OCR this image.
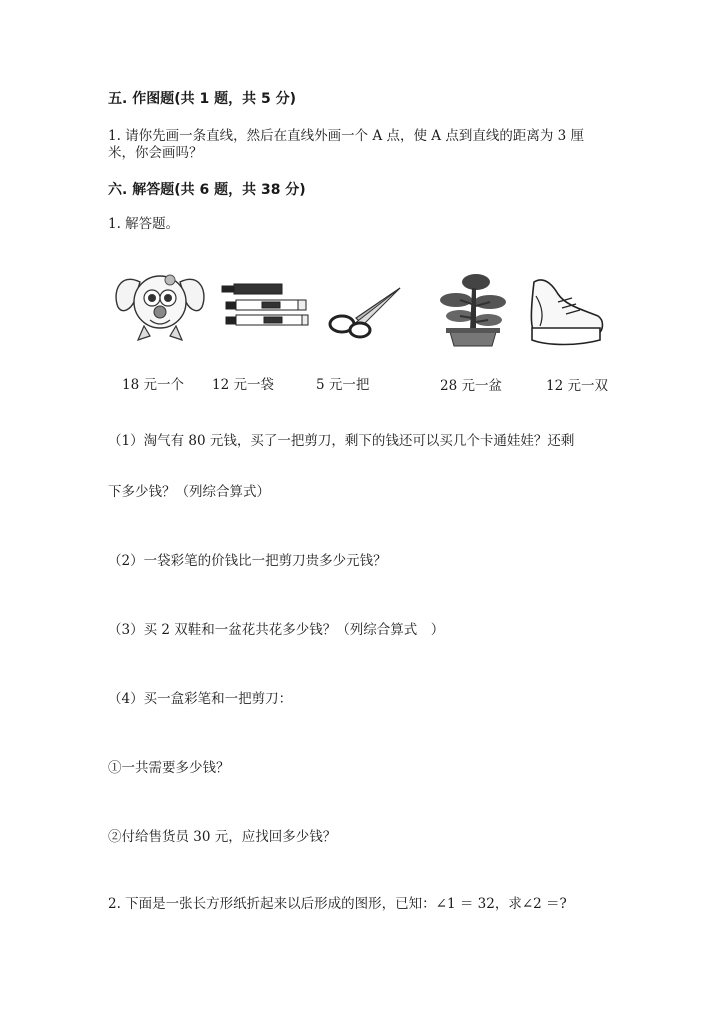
五. 作图题(共 1 题，共 5 分)
1. 请你先画一条直线，然后在直线外画一个 A 点，使 A 点到直线的距离为 3 厘
米，你会画吗？
六. 解答题(共 6 题，共 38 分)
1. 解答题。
18 元一个 12 元一袋	5 元一把	28 元一盆	12 元一双
（1）淘气有 80 元钱，买了一把剪刀，剩下的钱还可以买几个卡通娃娃？还剩
下多少钱？（列综合算式）
（2）一袋彩笔的价钱比一把剪刀贵多少元钱？
（3）买 2 双鞋和一盆花共花多少钱？（列综合算式　）
（4）买一盒彩笔和一把剪刀：
①一共需要多少钱？
②付给售货员 30 元，应找回多少钱？
2. 下面是一张长方形纸折起来以后形成的图形，已知：∠1 ＝ 32，求∠2 ＝?
